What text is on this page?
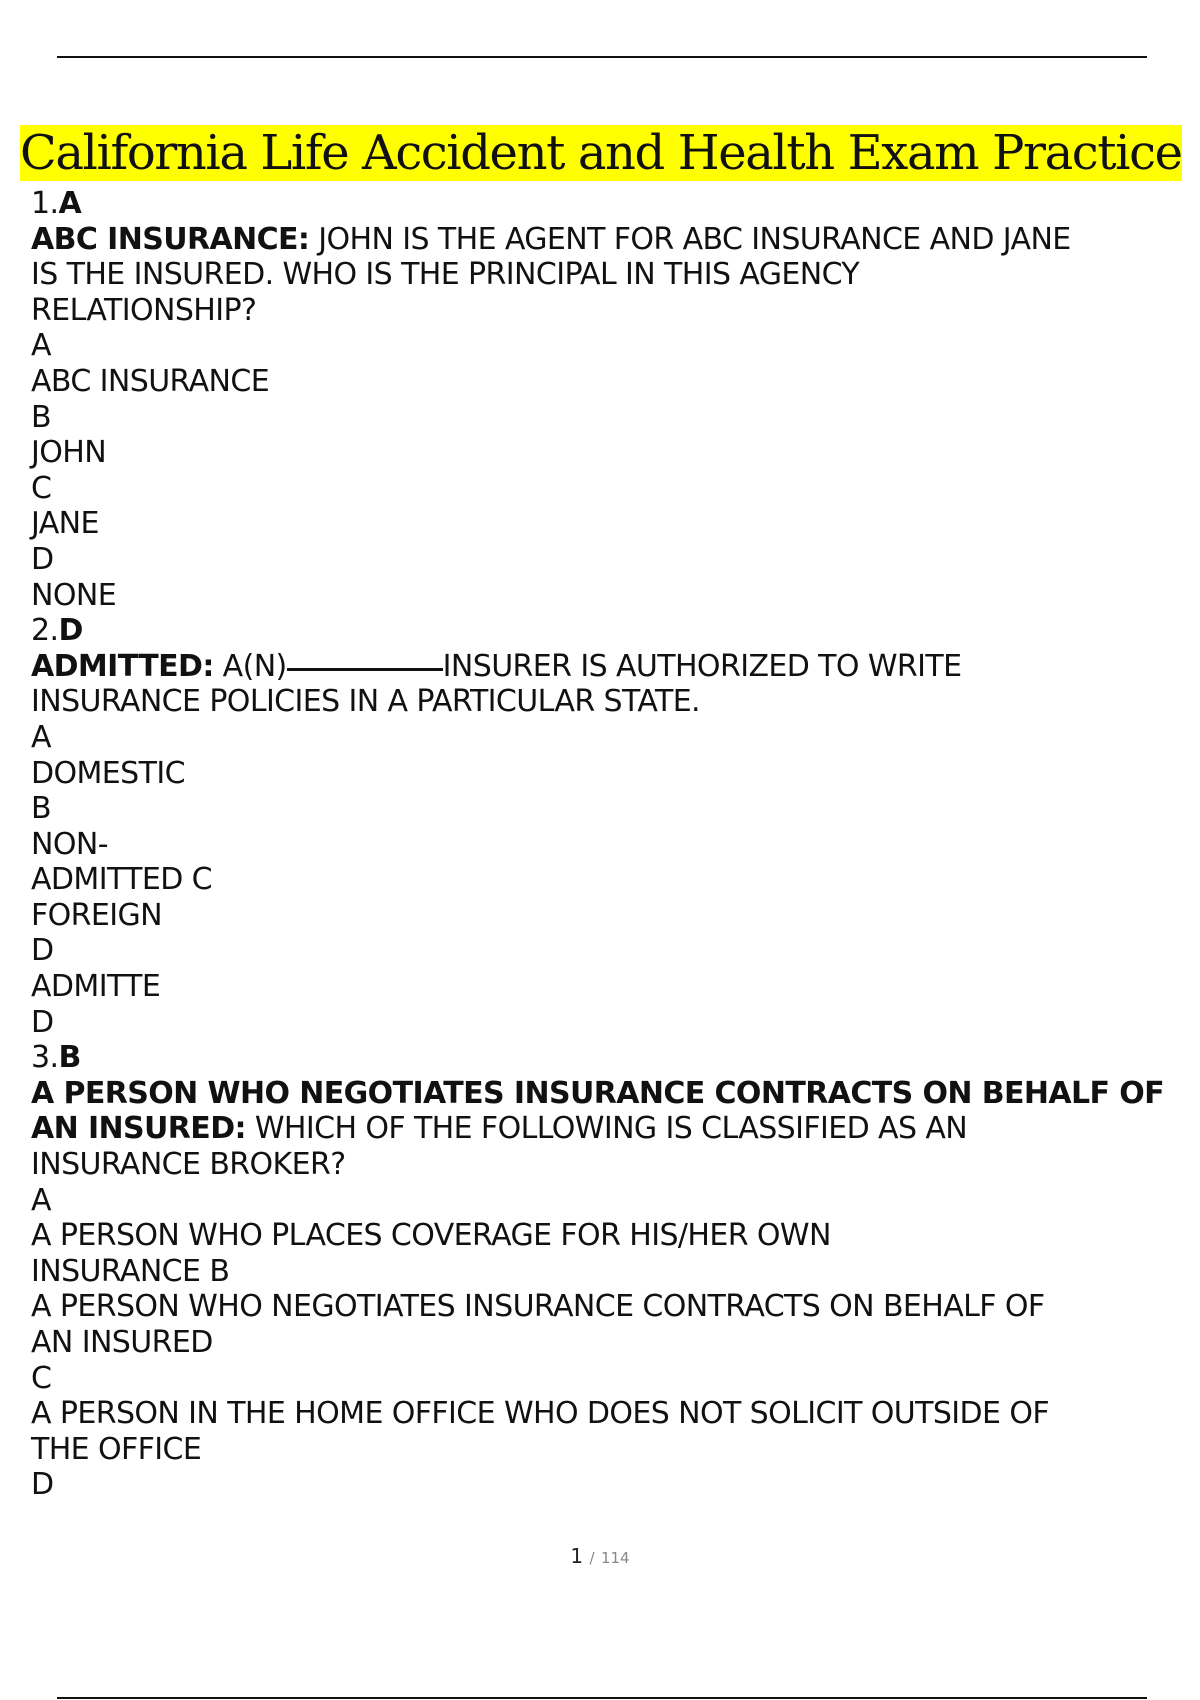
California Life Accident and Health Exam Practice
1.A
ABC INSURANCE: JOHN IS THE AGENT FOR ABC INSURANCE AND JANE
IS THE INSURED. WHO IS THE PRINCIPAL IN THIS AGENCY
RELATIONSHIP?
A
ABC INSURANCE
B
JOHN
C
JANE
D
NONE
2.D
ADMITTED: A(N)	INSURER IS AUTHORIZED TO WRITE
INSURANCE POLICIES IN A PARTICULAR STATE.
A
DOMESTIC
B
NON-
ADMITTED C
FOREIGN
D
ADMITTE
D
3.B
A PERSON WHO NEGOTIATES INSURANCE CONTRACTS ON BEHALF OF
AN INSURED: WHICH OF THE FOLLOWING IS CLASSIFIED AS AN
INSURANCE BROKER?
A
A PERSON WHO PLACES COVERAGE FOR HIS/HER OWN
INSURANCE B
A PERSON WHO NEGOTIATES INSURANCE CONTRACTS ON BEHALF OF
AN INSURED
C
A PERSON IN THE HOME OFFICE WHO DOES NOT SOLICIT OUTSIDE OF
THE OFFICE
D
1 / 114
